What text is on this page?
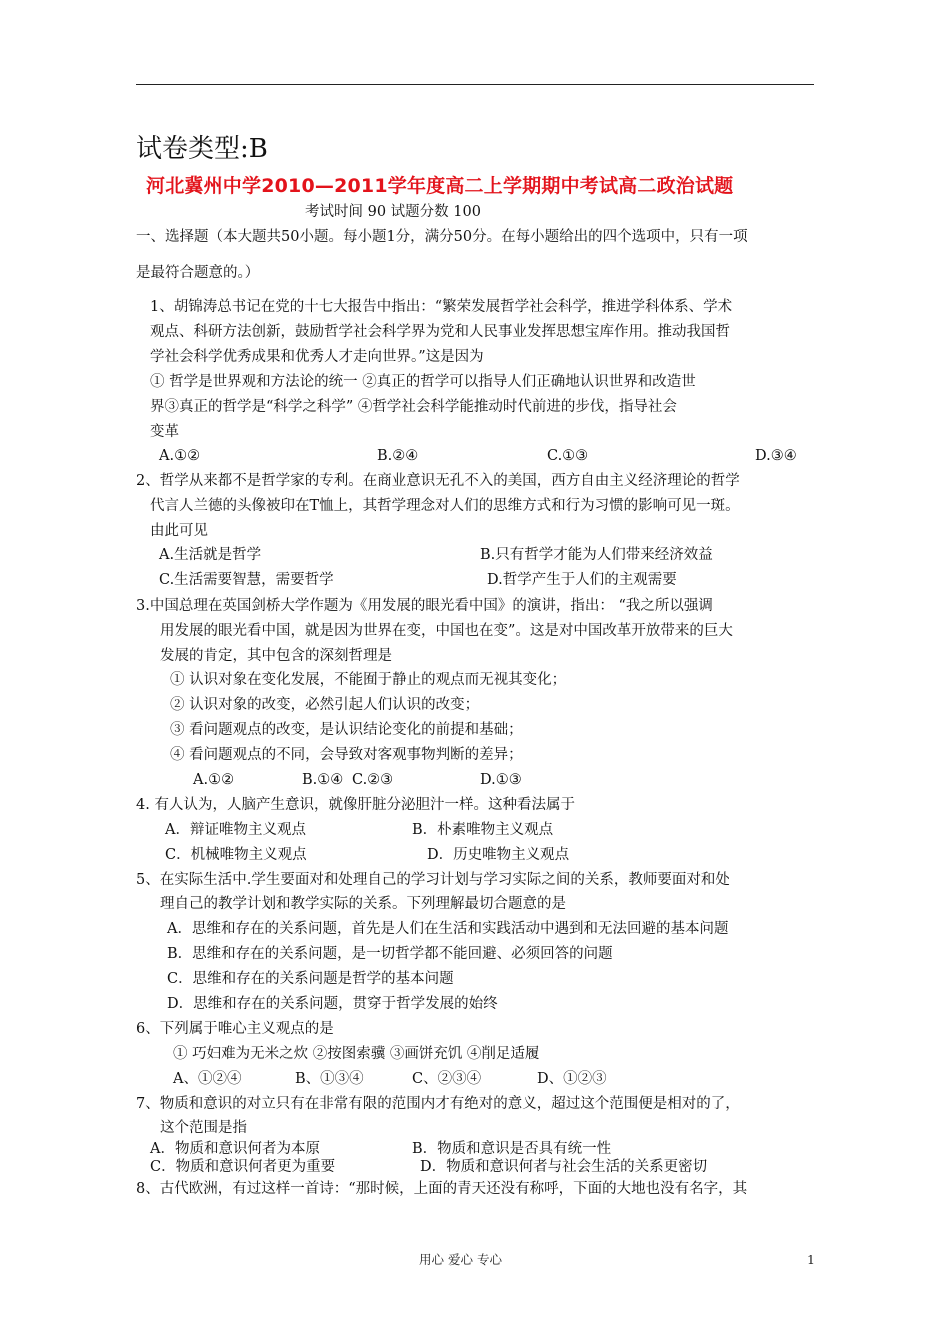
试卷类型:B
河北冀州中学2010—2011学年度高二上学期期中考试高二政治试题
考试时间 90 试题分数 100
一、选择题（本大题共50小题。每小题1分，满分50分。在每小题给出的四个选项中，只有一项
是最符合题意的。）
1、胡锦涛总书记在党的十七大报告中指出：“繁荣发展哲学社会科学，推进学科体系、学术
观点、科研方法创新，鼓励哲学社会科学界为党和人民事业发挥思想宝库作用。推动我国哲
学社会科学优秀成果和优秀人才走向世界。”这是因为
① 哲学是世界观和方法论的统一 ②真正的哲学可以指导人们正确地认识世界和改造世
界③真正的哲学是“科学之科学” ④哲学社会科学能推动时代前进的步伐，指导社会
变革
A.①②	B.②④	C.①③	D.③④
2、哲学从来都不是哲学家的专利。在商业意识无孔不入的美国，西方自由主义经济理论的哲学
代言人兰德的头像被印在T恤上，其哲学理念对人们的思维方式和行为习惯的影响可见一斑。
由此可见
A.生活就是哲学	B.只有哲学才能为人们带来经济效益
C.生活需要智慧，需要哲学	D.哲学产生于人们的主观需要
3.中国总理在英国剑桥大学作题为《用发展的眼光看中国》的演讲，指出： “我之所以强调
用发展的眼光看中国，就是因为世界在变，中国也在变”。这是对中国改革开放带来的巨大
发展的肯定，其中包含的深刻哲理是
① 认识对象在变化发展，不能囿于静止的观点而无视其变化；
② 认识对象的改变，必然引起人们认识的改变；
③ 看问题观点的改变，是认识结论变化的前提和基础；
④ 看问题观点的不同，会导致对客观事物判断的差异；
A.①②	B.①④ C.②③	D.①③
4. 有人认为，人脑产生意识，就像肝脏分泌胆汁一样。这种看法属于
A．辩证唯物主义观点	B．朴素唯物主义观点
C．机械唯物主义观点	D．历史唯物主义观点
5、在实际生活中.学生要面对和处理自己的学习计划与学习实际之间的关系，教师要面对和处
理自己的教学计划和教学实际的关系。下列理解最切合题意的是
A．思维和存在的关系问题，首先是人们在生活和实践活动中遇到和无法回避的基本问题
B．思维和存在的关系问题，是一切哲学都不能回避、必须回答的问题
C．思维和存在的关系问题是哲学的基本问题
D．思维和存在的关系问题，贯穿于哲学发展的始终
6、下列属于唯心主义观点的是
① 巧妇难为无米之炊 ②按图索骥 ③画饼充饥 ④削足适履
A、①②④	B、①③④	C、②③④	D、①②③
7、物质和意识的对立只有在非常有限的范围内才有绝对的意义，超过这个范围便是相对的了，
这个范围是指
A．物质和意识何者为本原	B．物质和意识是否具有统一性
C．物质和意识何者更为重要	D．物质和意识何者与社会生活的关系更密切
8、古代欧洲，有过这样一首诗：“那时候，上面的青天还没有称呼，下面的大地也没有名字，其
用心 爱心 专心	1
